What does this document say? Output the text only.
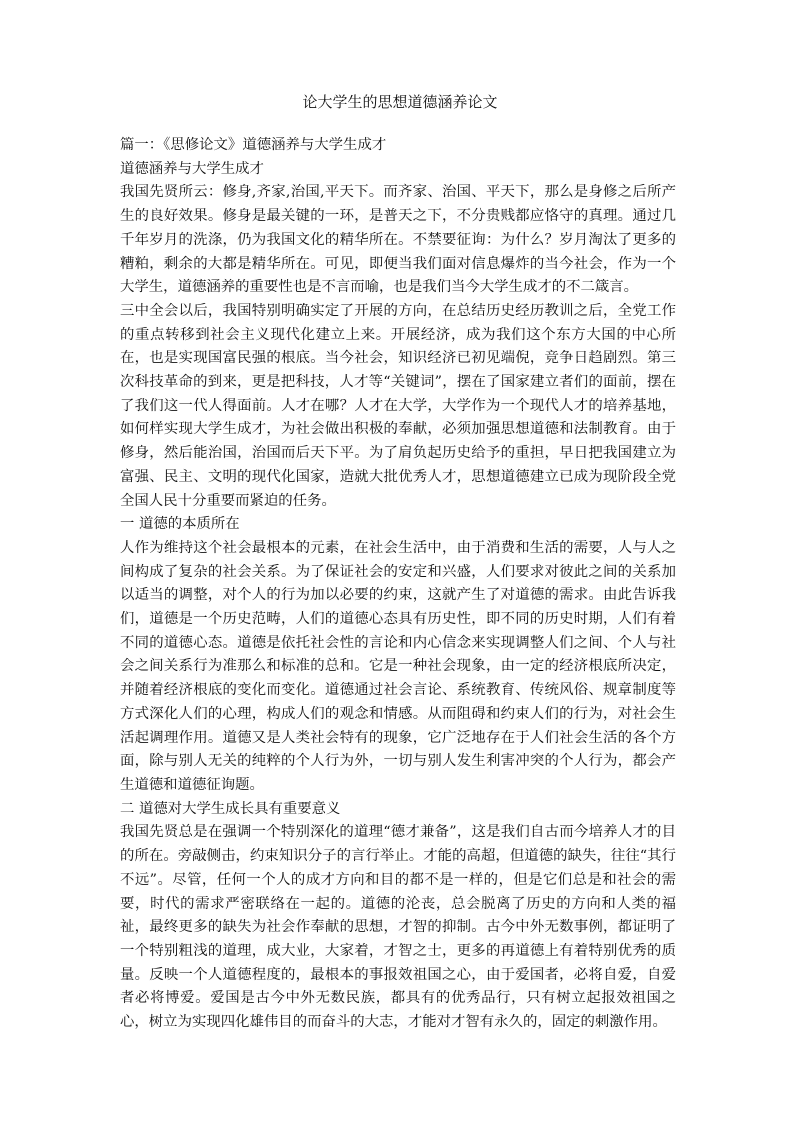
论大学生的思想道德涵养论文

篇一：《思修论文》道德涵养与大学生成才

道德涵养与大学生成才

我国先贤所云：修身,齐家,治国,平天下。而齐家、治国、平天下，那么是身修之后所产生的良好效果。修身是最关键的一环，是普天之下，不分贵贱都应恪守的真理。通过几千年岁月的洗涤，仍为我国文化的精华所在。不禁要征询：为什么？岁月淘汰了更多的糟粕，剩余的大都是精华所在。可见，即便当我们面对信息爆炸的当今社会，作为一个大学生，道德涵养的重要性也是不言而喻，也是我们当今大学生成才的不二箴言。

三中全会以后，我国特别明确实定了开展的方向，在总结历史经历教训之后，全党工作的重点转移到社会主义现代化建立上来。开展经济，成为我们这个东方大国的中心所在，也是实现国富民强的根底。当今社会，知识经济已初见端倪，竞争日趋剧烈。第三次科技革命的到来，更是把科技，人才等“关键词”，摆在了国家建立者们的面前，摆在了我们这一代人得面前。人才在哪？人才在大学，大学作为一个现代人才的培养基地，如何样实现大学生成才，为社会做出积极的奉献，必须加强思想道德和法制教育。由于修身，然后能治国，治国而后天下平。为了肩负起历史给予的重担，早日把我国建立为富强、民主、文明的现代化国家，造就大批优秀人才，思想道德建立已成为现阶段全党全国人民十分重要而紧迫的任务。

一 道德的本质所在

人作为维持这个社会最根本的元素，在社会生活中，由于消费和生活的需要，人与人之间构成了复杂的社会关系。为了保证社会的安定和兴盛，人们要求对彼此之间的关系加以适当的调整，对个人的行为加以必要的约束，这就产生了对道德的需求。由此告诉我们，道德是一个历史范畴，人们的道德心态具有历史性，即不同的历史时期，人们有着不同的道德心态。道德是依托社会性的言论和内心信念来实现调整人们之间、个人与社会之间关系行为准那么和标准的总和。它是一种社会现象，由一定的经济根底所决定，并随着经济根底的变化而变化。道德通过社会言论、系统教育、传统风俗、规章制度等方式深化人们的心理，构成人们的观念和情感。从而阻碍和约束人们的行为，对社会生活起调理作用。道德又是人类社会特有的现象，它广泛地存在于人们社会生活的各个方面，除与别人无关的纯粹的个人行为外，一切与别人发生利害冲突的个人行为，都会产生道德和道德征询题。

二 道德对大学生成长具有重要意义

我国先贤总是在强调一个特别深化的道理“德才兼备”，这是我们自古而今培养人才的目的所在。旁敲侧击，约束知识分子的言行举止。才能的高超，但道德的缺失，往往“其行不远”。尽管，任何一个人的成才方向和目的都不是一样的，但是它们总是和社会的需要，时代的需求严密联络在一起的。道德的沦丧，总会脱离了历史的方向和人类的福祉，最终更多的缺失为社会作奉献的思想，才智的抑制。古今中外无数事例，都证明了一个特别粗浅的道理，成大业，大家着，才智之士，更多的再道德上有着特别优秀的质量。反映一个人道德程度的，最根本的事报效祖国之心，由于爱国者，必将自爱，自爱者必将博爱。爱国是古今中外无数民族，都具有的优秀品行，只有树立起报效祖国之心，树立为实现四化雄伟目的而奋斗的大志，才能对才智有永久的，固定的刺激作用。
